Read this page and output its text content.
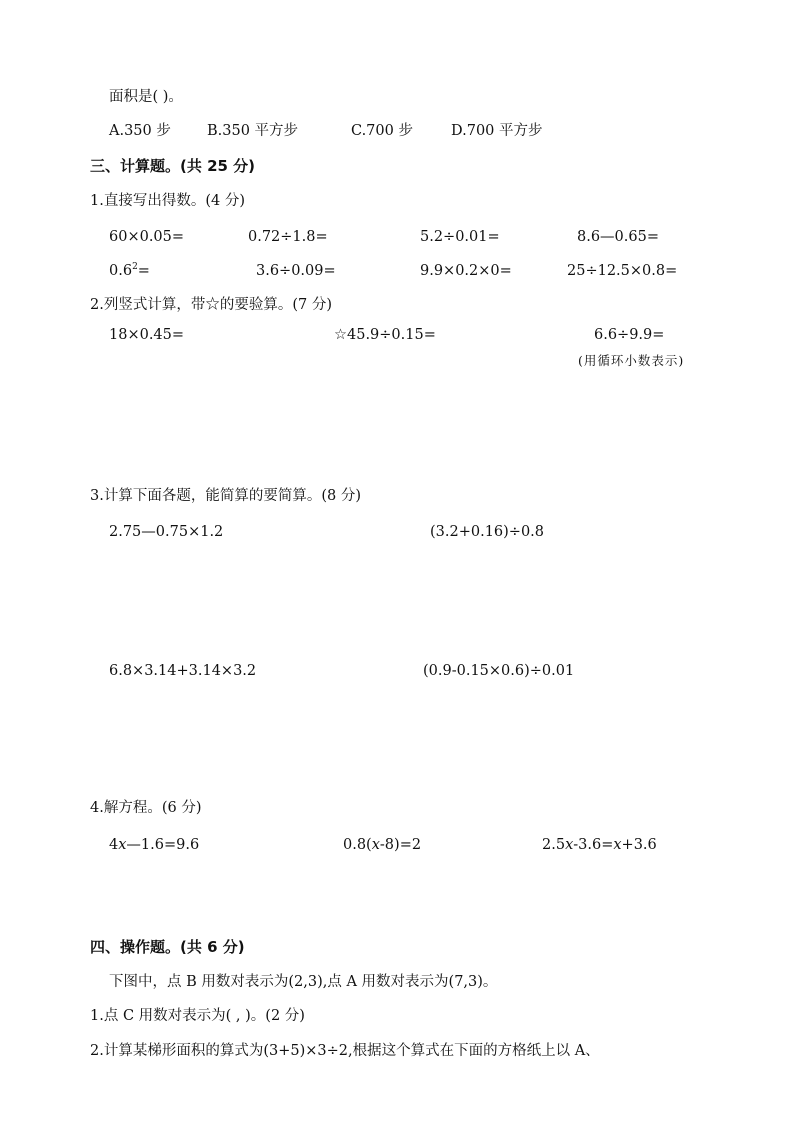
面积是( )。
A.350 步 B.350 平方步	C.700 步	D.700 平方步
三、计算题。(共 25 分)
1.直接写出得数。(4 分)
60×0.05=	0.72÷1.8=	5.2÷0.01=	8.6—0.65=
$0.6^2=$	3.6÷0.09=	9.9×0.2×0=	25÷12.5×0.8=
2.列竖式计算，带☆的要验算。(7 分)
18×0.45=	☆45.9÷0.15=	6.6÷9.9=
(用循环小数表示)
3.计算下面各题，能简算的要简算。(8 分)
2.75—0.75×1.2	(3.2+0.16)÷0.8
6.8×3.14+3.14×3.2	(0.9-0.15×0.6)÷0.01
4.解方程。(6 分)
4x—1.6=9.6	0.8(x-8)=2	2.5x-3.6=x+3.6
四、操作题。(共 6 分)
下图中，点 B 用数对表示为(2,3),点 A 用数对表示为(7,3)。
1.点 C 用数对表示为( , )。(2 分)
2.计算某梯形面积的算式为(3+5)×3÷2,根据这个算式在下面的方格纸上以 A、
